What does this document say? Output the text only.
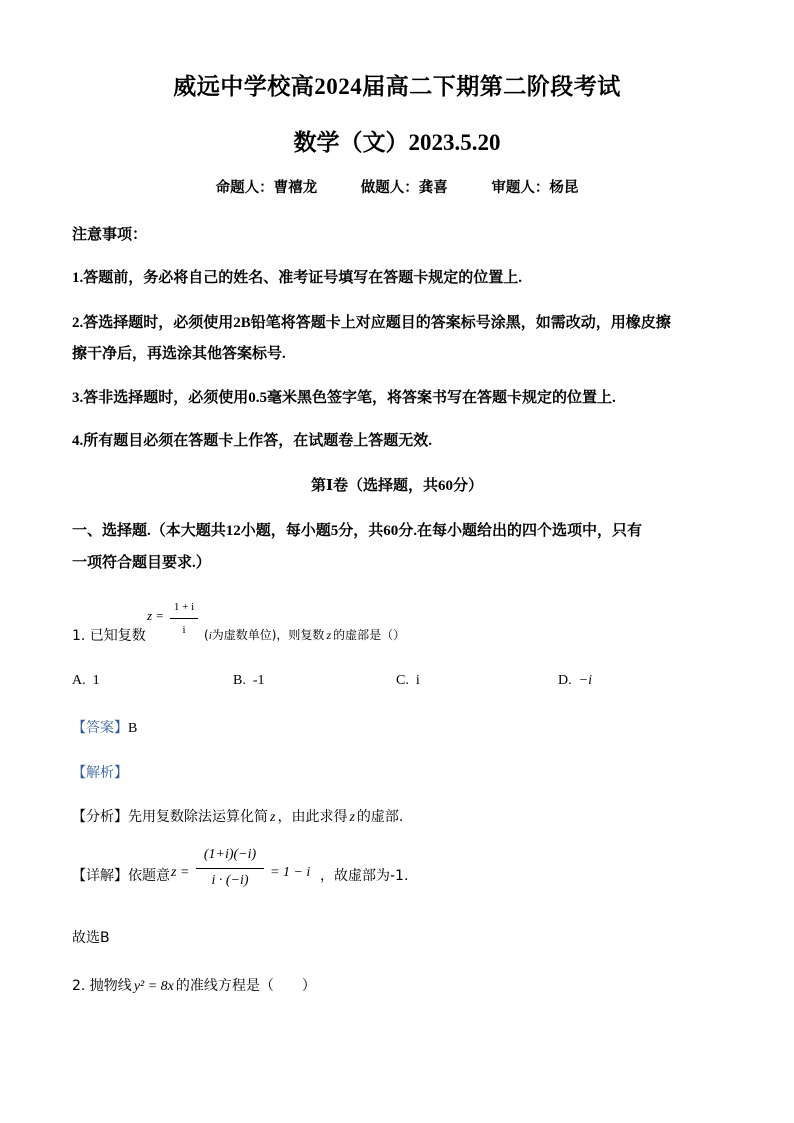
威远中学校高2024届高二下期第二阶段考试
数学（文）2023.5.20
命题人：曹禧龙	做题人：龚喜	审题人：杨昆
注意事项：
1.答题前，务必将自己的姓名、准考证号填写在答题卡规定的位置上.
2.答选择题时，必须使用2B铅笔将答题卡上对应题目的答案标号涂黑，如需改动，用橡皮擦
擦干净后，再选涂其他答案标号.
3.答非选择题时，必须使用0.5毫米黑色签字笔，将答案书写在答题卡规定的位置上.
4.所有题目必须在答题卡上作答，在试题卷上答题无效.
第Ⅰ卷（选择题，共60分）
一、选择题.（本大题共12小题，每小题5分，共60分.在每小题给出的四个选项中，只有
一项符合题目要求.）
1. 已知复数
z =
1 + i
i	(i为虚数单位)，则复数 z 的虚部是（）
A. 1	B. -1	C. i	D. −i
【答案】B
【解析】
【分析】先用复数除法运算化简 z ，由此求得 z 的虚部.
【详解】依题意 z =
(1+i)(−i)
i · (−i)
= 1 − i ，故虚部为-1.
故选B
2. 抛物线 y² = 8x 的准线方程是（　　）
